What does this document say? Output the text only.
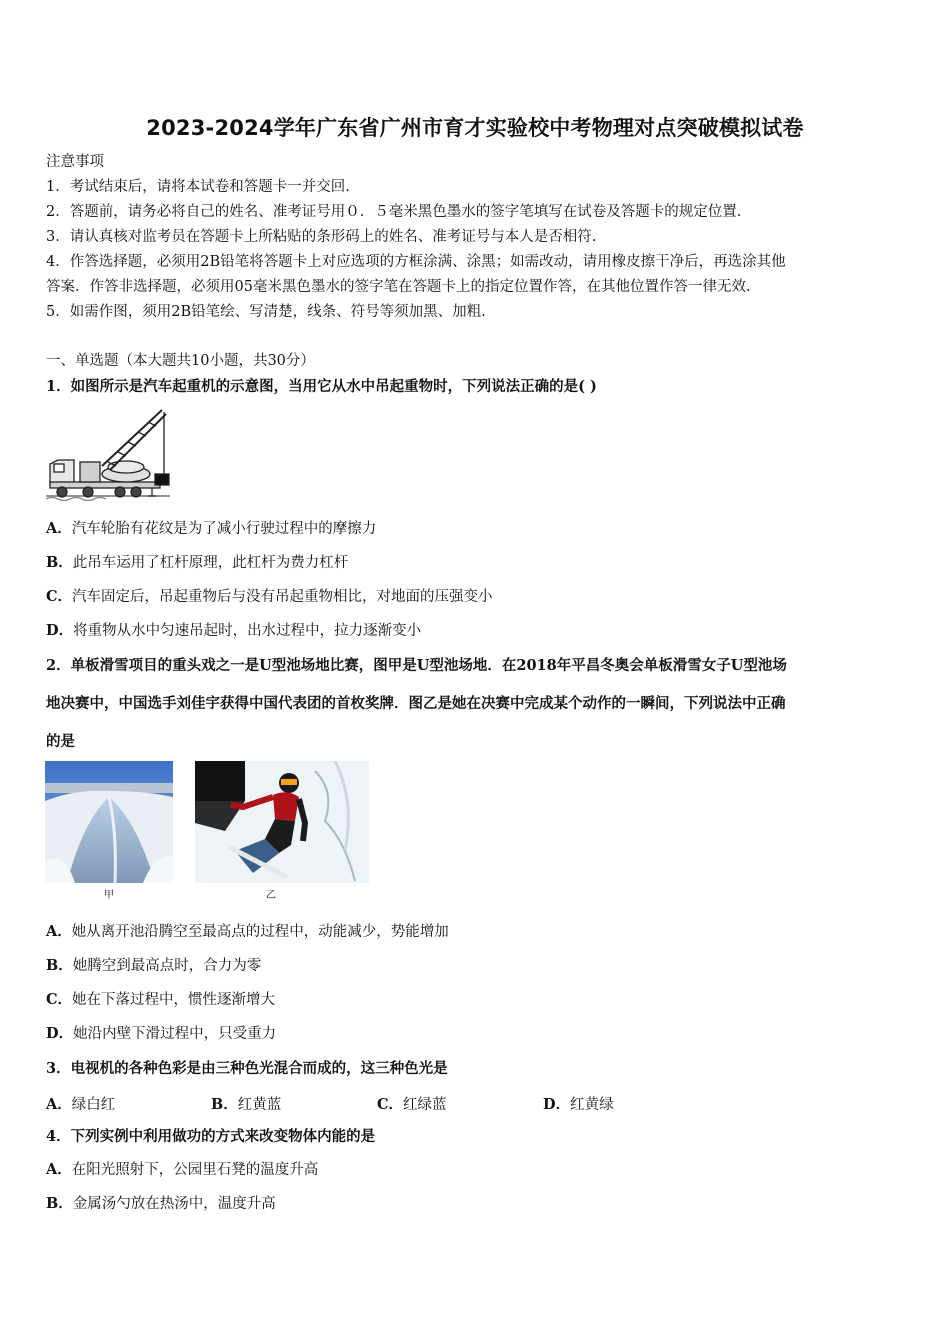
2023-2024学年广东省广州市育才实验校中考物理对点突破模拟试卷
注意事项
1．考试结束后，请将本试卷和答题卡一并交回.
2．答题前，请务必将自己的姓名、准考证号用０．５毫米黑色墨水的签字笔填写在试卷及答题卡的规定位置.
3．请认真核对监考员在答题卡上所粘贴的条形码上的姓名、准考证号与本人是否相符.
4．作答选择题，必须用2B铅笔将答题卡上对应选项的方框涂满、涂黑；如需改动，请用橡皮擦干净后，再选涂其他
答案．作答非选择题，必须用05毫米黑色墨水的签字笔在答题卡上的指定位置作答，在其他位置作答一律无效.
5．如需作图，须用2B铅笔绘、写清楚，线条、符号等须加黑、加粗.
一、单选题（本大题共10小题，共30分）
1．如图所示是汽车起重机的示意图，当用它从水中吊起重物时，下列说法正确的是( )
A．汽车轮胎有花纹是为了减小行驶过程中的摩擦力
B．此吊车运用了杠杆原理，此杠杆为费力杠杆
C．汽车固定后，吊起重物后与没有吊起重物相比，对地面的压强变小
D．将重物从水中匀速吊起时，出水过程中，拉力逐渐变小
2．单板滑雪项目的重头戏之一是U型池场地比赛，图甲是U型池场地．在2018年平昌冬奥会单板滑雪女子U型池场
地决赛中，中国选手刘佳宇获得中国代表团的首枚奖牌．图乙是她在决赛中完成某个动作的一瞬间，下列说法中正确
的是
甲	乙
A．她从离开池沿腾空至最高点的过程中，动能减少，势能增加
B．她腾空到最高点时，合力为零
C．她在下落过程中，惯性逐渐增大
D．她沿内壁下滑过程中，只受重力
3．电视机的各种色彩是由三种色光混合而成的，这三种色光是
A．绿白红	B．红黄蓝	C．红绿蓝	D．红黄绿
4．下列实例中利用做功的方式来改变物体内能的是
A．在阳光照射下，公园里石凳的温度升高
B．金属汤勺放在热汤中，温度升高
